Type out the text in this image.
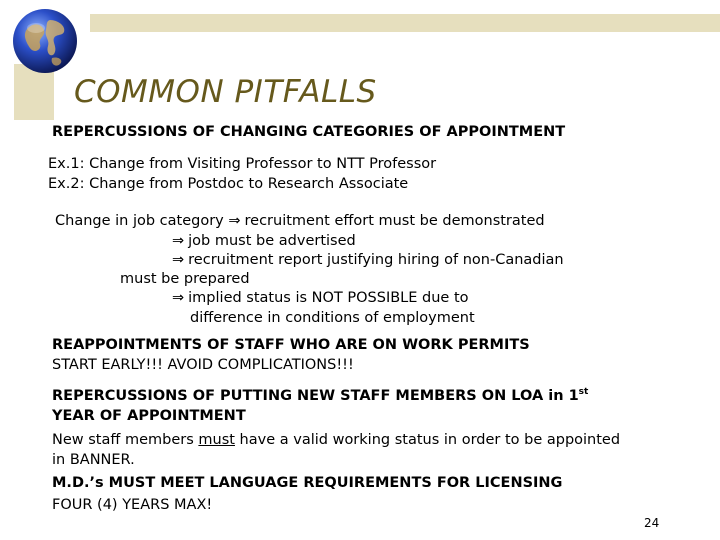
COMMON PITFALLS
REPERCUSSIONS OF CHANGING CATEGORIES OF APPOINTMENT
Ex.1: Change from Visiting Professor to NTT Professor
Ex.2: Change from Postdoc to Research Associate
Change in job category ⇒ recruitment effort must be demonstrated
⇒ job must be advertised
⇒ recruitment report justifying hiring of non-Canadian
must be prepared
⇒ implied status is NOT POSSIBLE due to
difference in conditions of employment
REAPPOINTMENTS OF STAFF WHO ARE ON WORK PERMITS
START EARLY!!! AVOID COMPLICATIONS!!!
REPERCUSSIONS OF PUTTING NEW STAFF MEMBERS ON LOA in 1st
YEAR OF APPOINTMENT
New staff members must have a valid working status in order to be appointed
in BANNER.
M.D.’s MUST MEET LANGUAGE REQUIREMENTS FOR LICENSING
FOUR (4) YEARS MAX!
24
